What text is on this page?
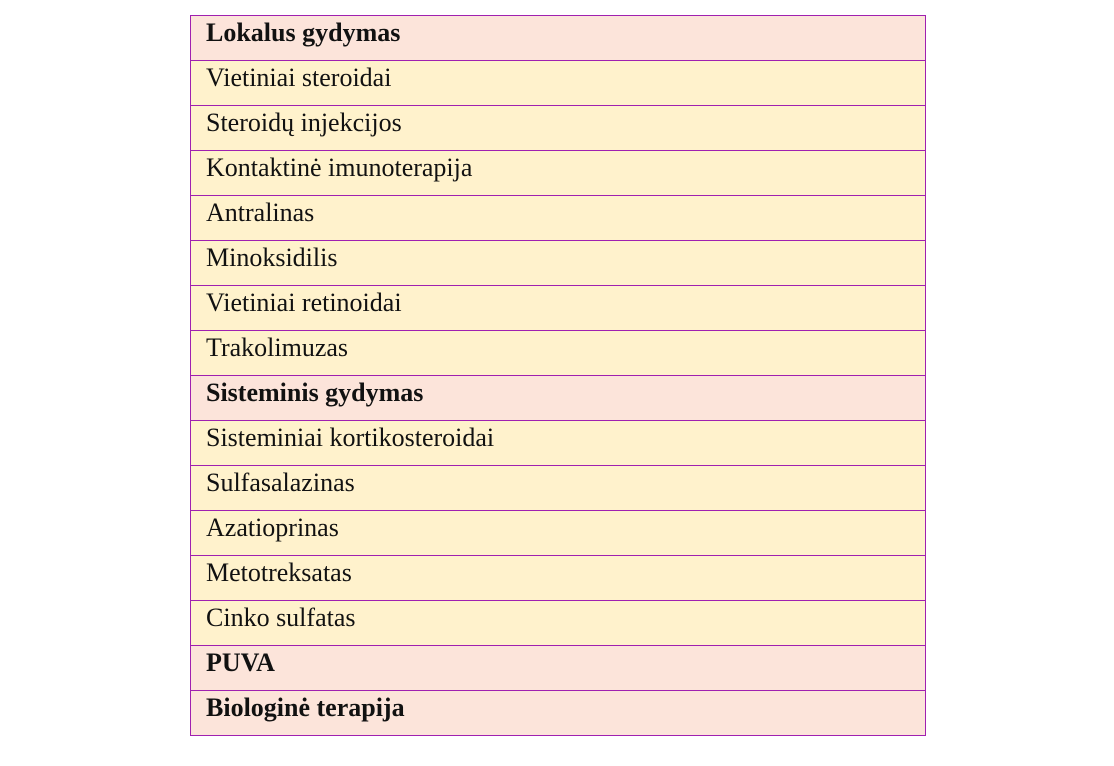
Lokalus gydymas
Vietiniai steroidai
Steroidų injekcijos
Kontaktinė imunoterapija
Antralinas
Minoksidilis
Vietiniai retinoidai
Trakolimuzas
Sisteminis gydymas
Sisteminiai kortikosteroidai
Sulfasalazinas
Azatioprinas
Metotreksatas
Cinko sulfatas
PUVA
Biologinė terapija
